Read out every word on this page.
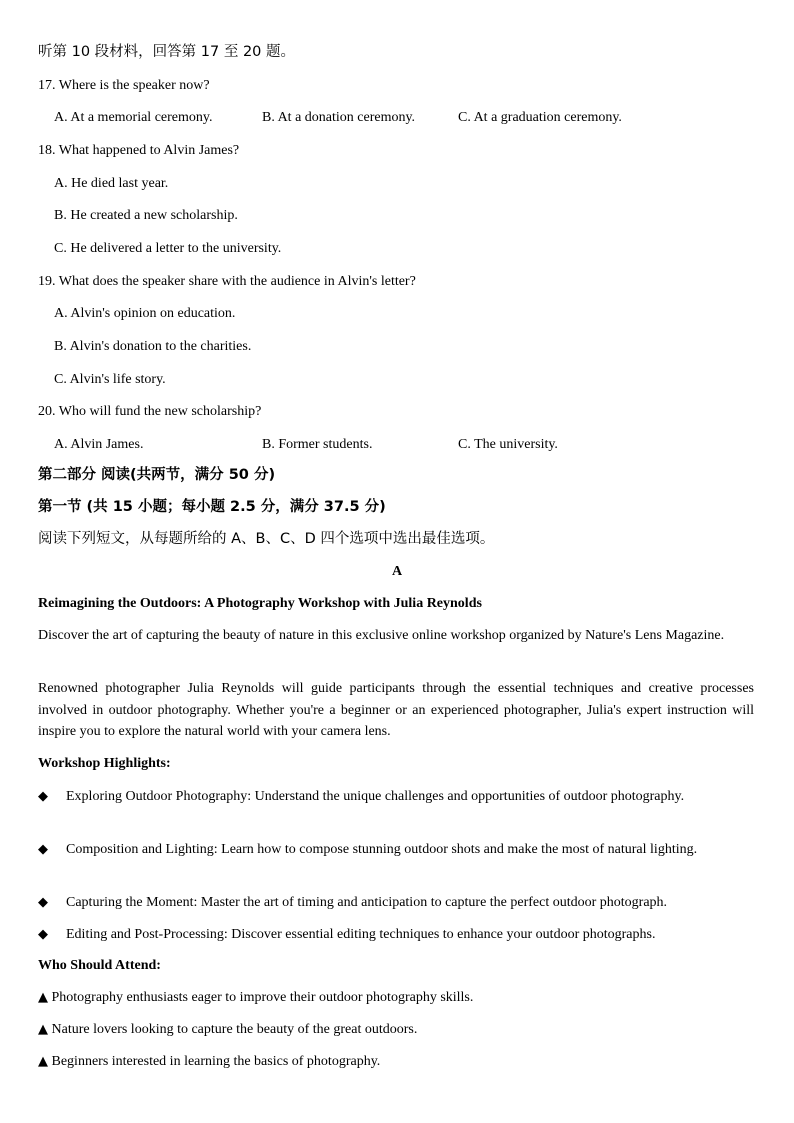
听第 10 段材料，回答第 17 至 20 题。
17. Where is the speaker now?
A. At a memorial ceremony.	B. At a donation ceremony.	C. At a graduation ceremony.
18. What happened to Alvin James?
A. He died last year.
B. He created a new scholarship.
C. He delivered a letter to the university.
19. What does the speaker share with the audience in Alvin's letter?
A. Alvin's opinion on education.
B. Alvin's donation to the charities.
C. Alvin's life story.
20. Who will fund the new scholarship?
A. Alvin James.	B. Former students.	C. The university.
第二部分 阅读(共两节，满分 50 分)
第一节 (共 15 小题；每小题 2.5 分，满分 37.5 分)
阅读下列短文，从每题所给的 A、B、C、D 四个选项中选出最佳选项。
A
Reimagining the Outdoors: A Photography Workshop with Julia Reynolds
Discover the art of capturing the beauty of nature in this exclusive online workshop organized by Nature's Lens Magazine.
Renowned photographer Julia Reynolds will guide participants through the essential techniques and creative processes involved in outdoor photography. Whether you're a beginner or an experienced photographer, Julia's expert instruction will inspire you to explore the natural world with your camera lens.
Workshop Highlights:
◆ Exploring Outdoor Photography: Understand the unique challenges and opportunities of outdoor photography.
◆ Composition and Lighting: Learn how to compose stunning outdoor shots and make the most of natural lighting.
◆ Capturing the Moment: Master the art of timing and anticipation to capture the perfect outdoor photograph.
◆ Editing and Post-Processing: Discover essential editing techniques to enhance your outdoor photographs.
Who Should Attend:
▲ Photography enthusiasts eager to improve their outdoor photography skills.
▲ Nature lovers looking to capture the beauty of the great outdoors.
▲ Beginners interested in learning the basics of photography.
